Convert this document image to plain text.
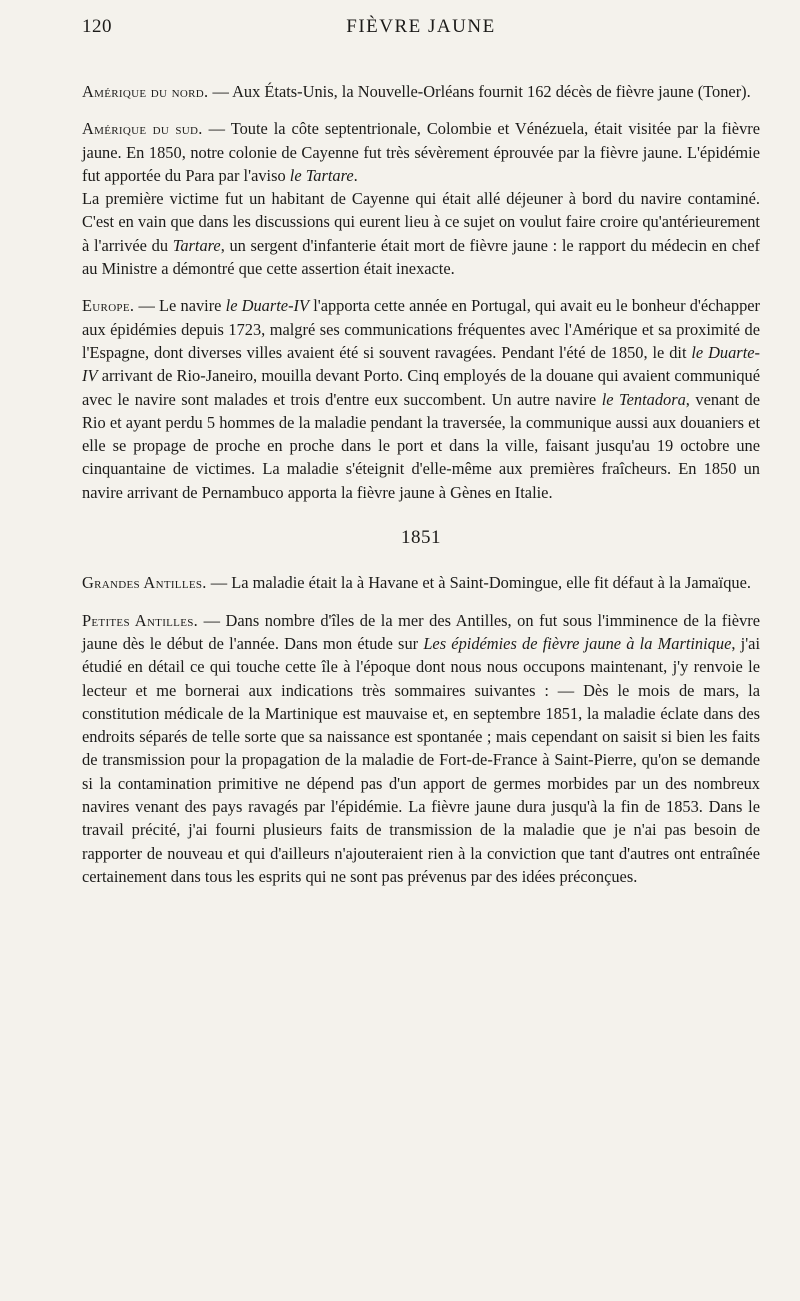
120	FIÈVRE JAUNE

Amérique du nord. — Aux États-Unis, la Nouvelle-Orléans fournit 162 décès de fièvre jaune (Toner).

Amérique du sud. — Toute la côte septentrionale, Colombie et Vénézuela, était visitée par la fièvre jaune. En 1850, notre colonie de Cayenne fut très sévèrement éprouvée par la fièvre jaune. L'épidémie fut apportée du Para par l'aviso le Tartare.

La première victime fut un habitant de Cayenne qui était allé déjeuner à bord du navire contaminé. C'est en vain que dans les discussions qui eurent lieu à ce sujet on voulut faire croire qu'antérieurement à l'arrivée du Tartare, un sergent d'infanterie était mort de fièvre jaune : le rapport du médecin en chef au Ministre a démontré que cette assertion était inexacte.

Europe. — Le navire le Duarte-IV l'apporta cette année en Portugal, qui avait eu le bonheur d'échapper aux épidémies depuis 1723, malgré ses communications fréquentes avec l'Amérique et sa proximité de l'Espagne, dont diverses villes avaient été si souvent ravagées. Pendant l'été de 1850, le dit le Duarte-IV arrivant de Rio-Janeiro, mouilla devant Porto. Cinq employés de la douane qui avaient communiqué avec le navire sont malades et trois d'entre eux succombent. Un autre navire le Tentadora, venant de Rio et ayant perdu 5 hommes de la maladie pendant la traversée, la communique aussi aux douaniers et elle se propage de proche en proche dans le port et dans la ville, faisant jusqu'au 19 octobre une cinquantaine de victimes. La maladie s'éteignit d'elle-même aux premières fraîcheurs. En 1850 un navire arrivant de Pernambuco apporta la fièvre jaune à Gènes en Italie.

1851

Grandes Antilles. — La maladie était la à Havane et à Saint-Domingue, elle fit défaut à la Jamaïque.

Petites Antilles. — Dans nombre d'îles de la mer des Antilles, on fut sous l'imminence de la fièvre jaune dès le début de l'année. Dans mon étude sur Les épidémies de fièvre jaune à la Martinique, j'ai étudié en détail ce qui touche cette île à l'époque dont nous nous occupons maintenant, j'y renvoie le lecteur et me bornerai aux indications très sommaires suivantes : — Dès le mois de mars, la constitution médicale de la Martinique est mauvaise et, en septembre 1851, la maladie éclate dans des endroits séparés de telle sorte que sa naissance est spontanée ; mais cependant on saisit si bien les faits de transmission pour la propagation de la maladie de Fort-de-France à Saint-Pierre, qu'on se demande si la contamination primitive ne dépend pas d'un apport de germes morbides par un des nombreux navires venant des pays ravagés par l'épidémie. La fièvre jaune dura jusqu'à la fin de 1853. Dans le travail précité, j'ai fourni plusieurs faits de transmission de la maladie que je n'ai pas besoin de rapporter de nouveau et qui d'ailleurs n'ajouteraient rien à la conviction que tant d'autres ont entraînée certainement dans tous les esprits qui ne sont pas prévenus par des idées préconçues.
